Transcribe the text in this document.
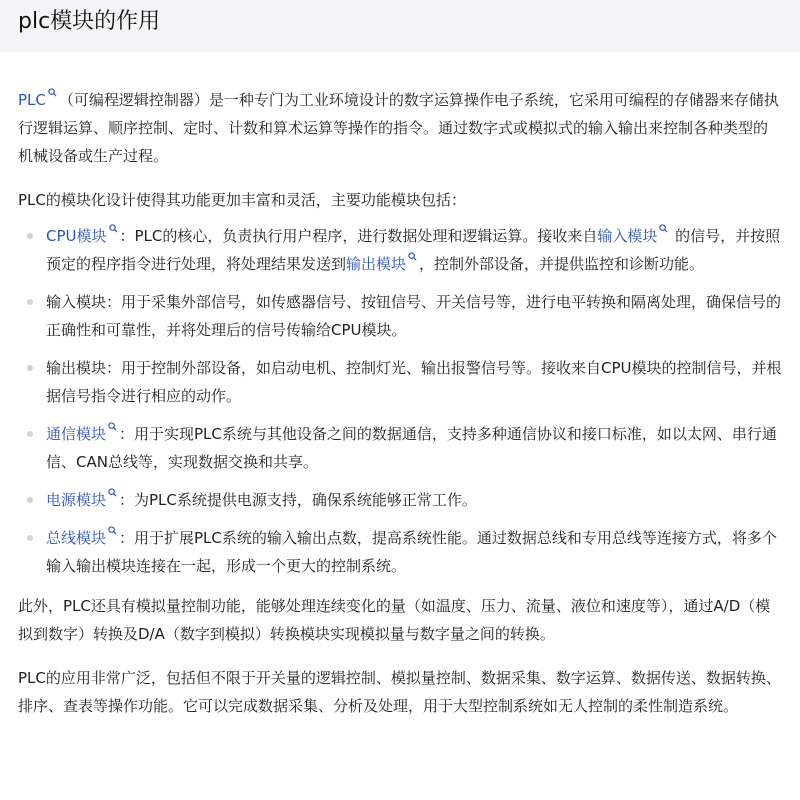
plc模块的作用

PLC （可编程逻辑控制器）是一种专门为工业环境设计的数字运算操作电子系统，它采用可编程的存储器来存储执行逻辑运算、顺序控制、定时、计数和算术运算等操作的指令。通过数字式或模拟式的输入输出来控制各种类型的机械设备或生产过程。

PLC的模块化设计使得其功能更加丰富和灵活，主要功能模块包括：

CPU模块 ：PLC的核心，负责执行用户程序，进行数据处理和逻辑运算。接收来自输入模块
的信号，并按照预定的程序指令进行处理，将处理结果发送到输出模块 ，控制外部设备，并提供监控和诊断功能。
输入模块：用于采集外部信号，如传感器信号、按钮信号、开关信号等，进行电平转换和隔离处理，确保信号的正确性和可靠性，并将处理后的信号传输给CPU模块。
输出模块：用于控制外部设备，如启动电机、控制灯光、输出报警信号等。接收来自CPU模块的控制信号，并根据信号指令进行相应的动作。
通信模块 ：用于实现PLC系统与其他设备之间的数据通信，支持多种通信协议和接口标准，如以太网、串行通信、CAN总线等，实现数据交换和共享。
电源模块 ：为PLC系统提供电源支持，确保系统能够正常工作。
总线模块 ：用于扩展PLC系统的输入输出点数，提高系统性能。通过数据总线和专用总线等连接方式，将多个输入输出模块连接在一起，形成一个更大的控制系统。

此外，PLC还具有模拟量控制功能，能够处理连续变化的量（如温度、压力、流量、液位和速度等），通过A/D（模拟到数字）转换及D/A（数字到模拟）转换模块实现模拟量与数字量之间的转换。

PLC的应用非常广泛，包括但不限于开关量的逻辑控制、模拟量控制、数据采集、数字运算、数据传送、数据转换、排序、查表等操作功能。它可以完成数据采集、分析及处理，用于大型控制系统如无人控制的柔性制造系统。
